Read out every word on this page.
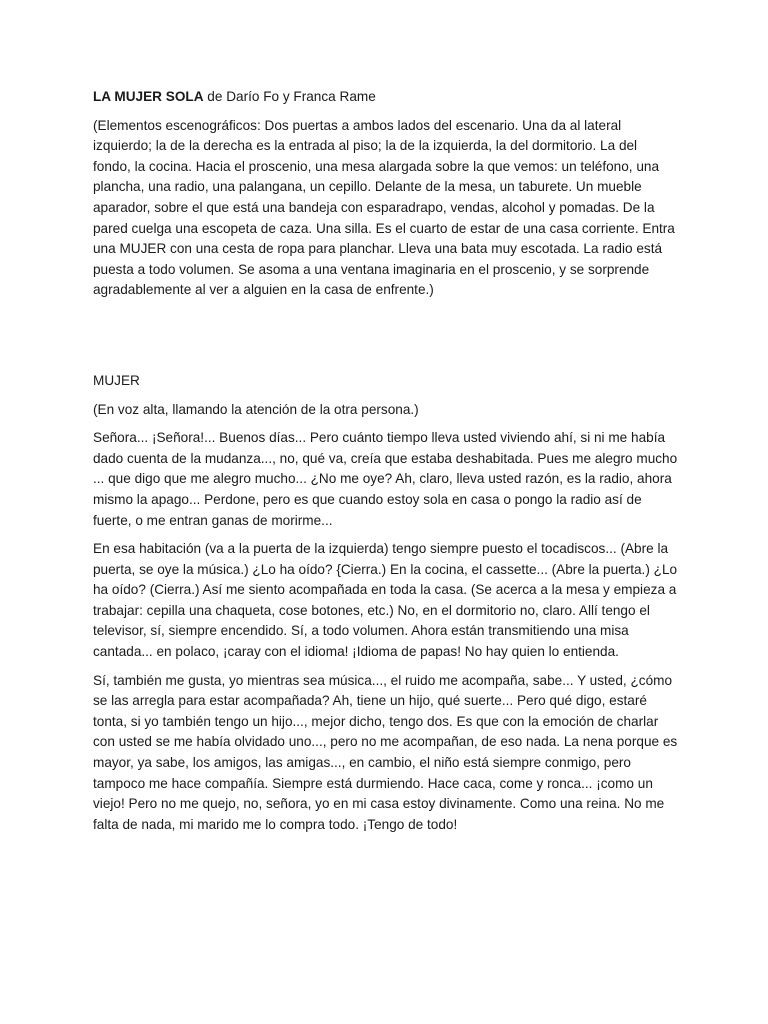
LA MUJER SOLA de Darío Fo y Franca Rame

(Elementos escenográficos: Dos puertas a ambos lados del escenario. Una da al lateral izquierdo; la de la derecha es la entrada al piso; la de la izquierda, la del dormitorio. La del fondo, la cocina. Hacia el proscenio, una mesa alargada sobre la que vemos: un teléfono, una plancha, una radio, una palangana, un cepillo. Delante de la mesa, un taburete. Un mueble aparador, sobre el que está una bandeja con esparadrapo, vendas, alcohol y pomadas. De la pared cuelga una escopeta de caza. Una silla. Es el cuarto de estar de una casa corriente. Entra una MUJER con una cesta de ropa para planchar. Lleva una bata muy escotada. La radio está puesta a todo volumen. Se asoma a una ventana imaginaria en el proscenio, y se sorprende agradablemente al ver a alguien en la casa de enfrente.)

MUJER

(En voz alta, llamando la atención de la otra persona.)

Señora... ¡Señora!... Buenos días... Pero cuánto tiempo lleva usted viviendo ahí, si ni me había dado cuenta de la mudanza..., no, qué va, creía que estaba deshabitada. Pues me alegro mucho ... que digo que me alegro mucho... ¿No me oye? Ah, claro, lleva usted razón, es la radio, ahora mismo la apago... Perdone, pero es que cuando estoy sola en casa o pongo la radio así de fuerte, o me entran ganas de morirme...

En esa habitación (va a la puerta de la izquierda) tengo siempre puesto el tocadiscos... (Abre la puerta, se oye la música.) ¿Lo ha oído? {Cierra.) En la cocina, el cassette... (Abre la puerta.) ¿Lo ha oído? (Cierra.) Así me siento acompañada en toda la casa. (Se acerca a la mesa y empieza a trabajar: cepilla una chaqueta, cose botones, etc.) No, en el dormitorio no, claro. Allí tengo el televisor, sí, siempre encendido. Sí, a todo volumen. Ahora están transmitiendo una misa cantada... en polaco, ¡caray con el idioma! ¡Idioma de papas! No hay quien lo entienda.

Sí, también me gusta, yo mientras sea música..., el ruido me acompaña, sabe... Y usted, ¿cómo se las arregla para estar acompañada? Ah, tiene un hijo, qué suerte... Pero qué digo, estaré tonta, si yo también tengo un hijo..., mejor dicho, tengo dos. Es que con la emoción de charlar con usted se me había olvidado uno..., pero no me acompañan, de eso nada. La nena porque es mayor, ya sabe, los amigos, las amigas..., en cambio, el niño está siempre conmigo, pero tampoco me hace compañía. Siempre está durmiendo. Hace caca, come y ronca... ¡como un viejo! Pero no me quejo, no, señora, yo en mi casa estoy divinamente. Como una reina. No me falta de nada, mi marido me lo compra todo. ¡Tengo de todo!
